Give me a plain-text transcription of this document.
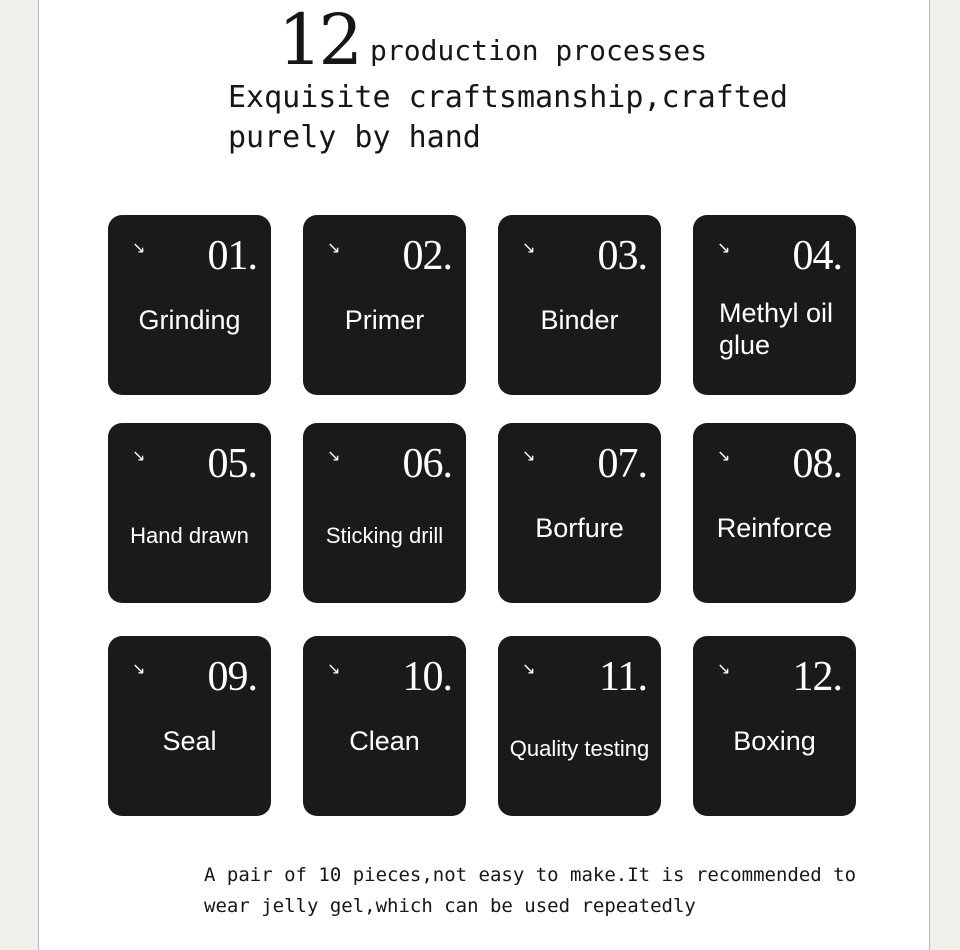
12 production processes
Exquisite craftsmanship,crafted purely by hand
↘ 01.
Grinding
↘ 02.
Primer
↘ 03.
Binder
↘ 04.
Methyl oil glue
↘ 05.
Hand drawn
↘ 06.
Sticking drill
↘ 07.
Borfure
↘ 08.
Reinforce
↘ 09.
Seal
↘ 10.
Clean
↘ 11.
Quality testing
↘ 12.
Boxing
A pair of 10 pieces,not easy to make.It is recommended to wear jelly gel,which can be used repeatedly
